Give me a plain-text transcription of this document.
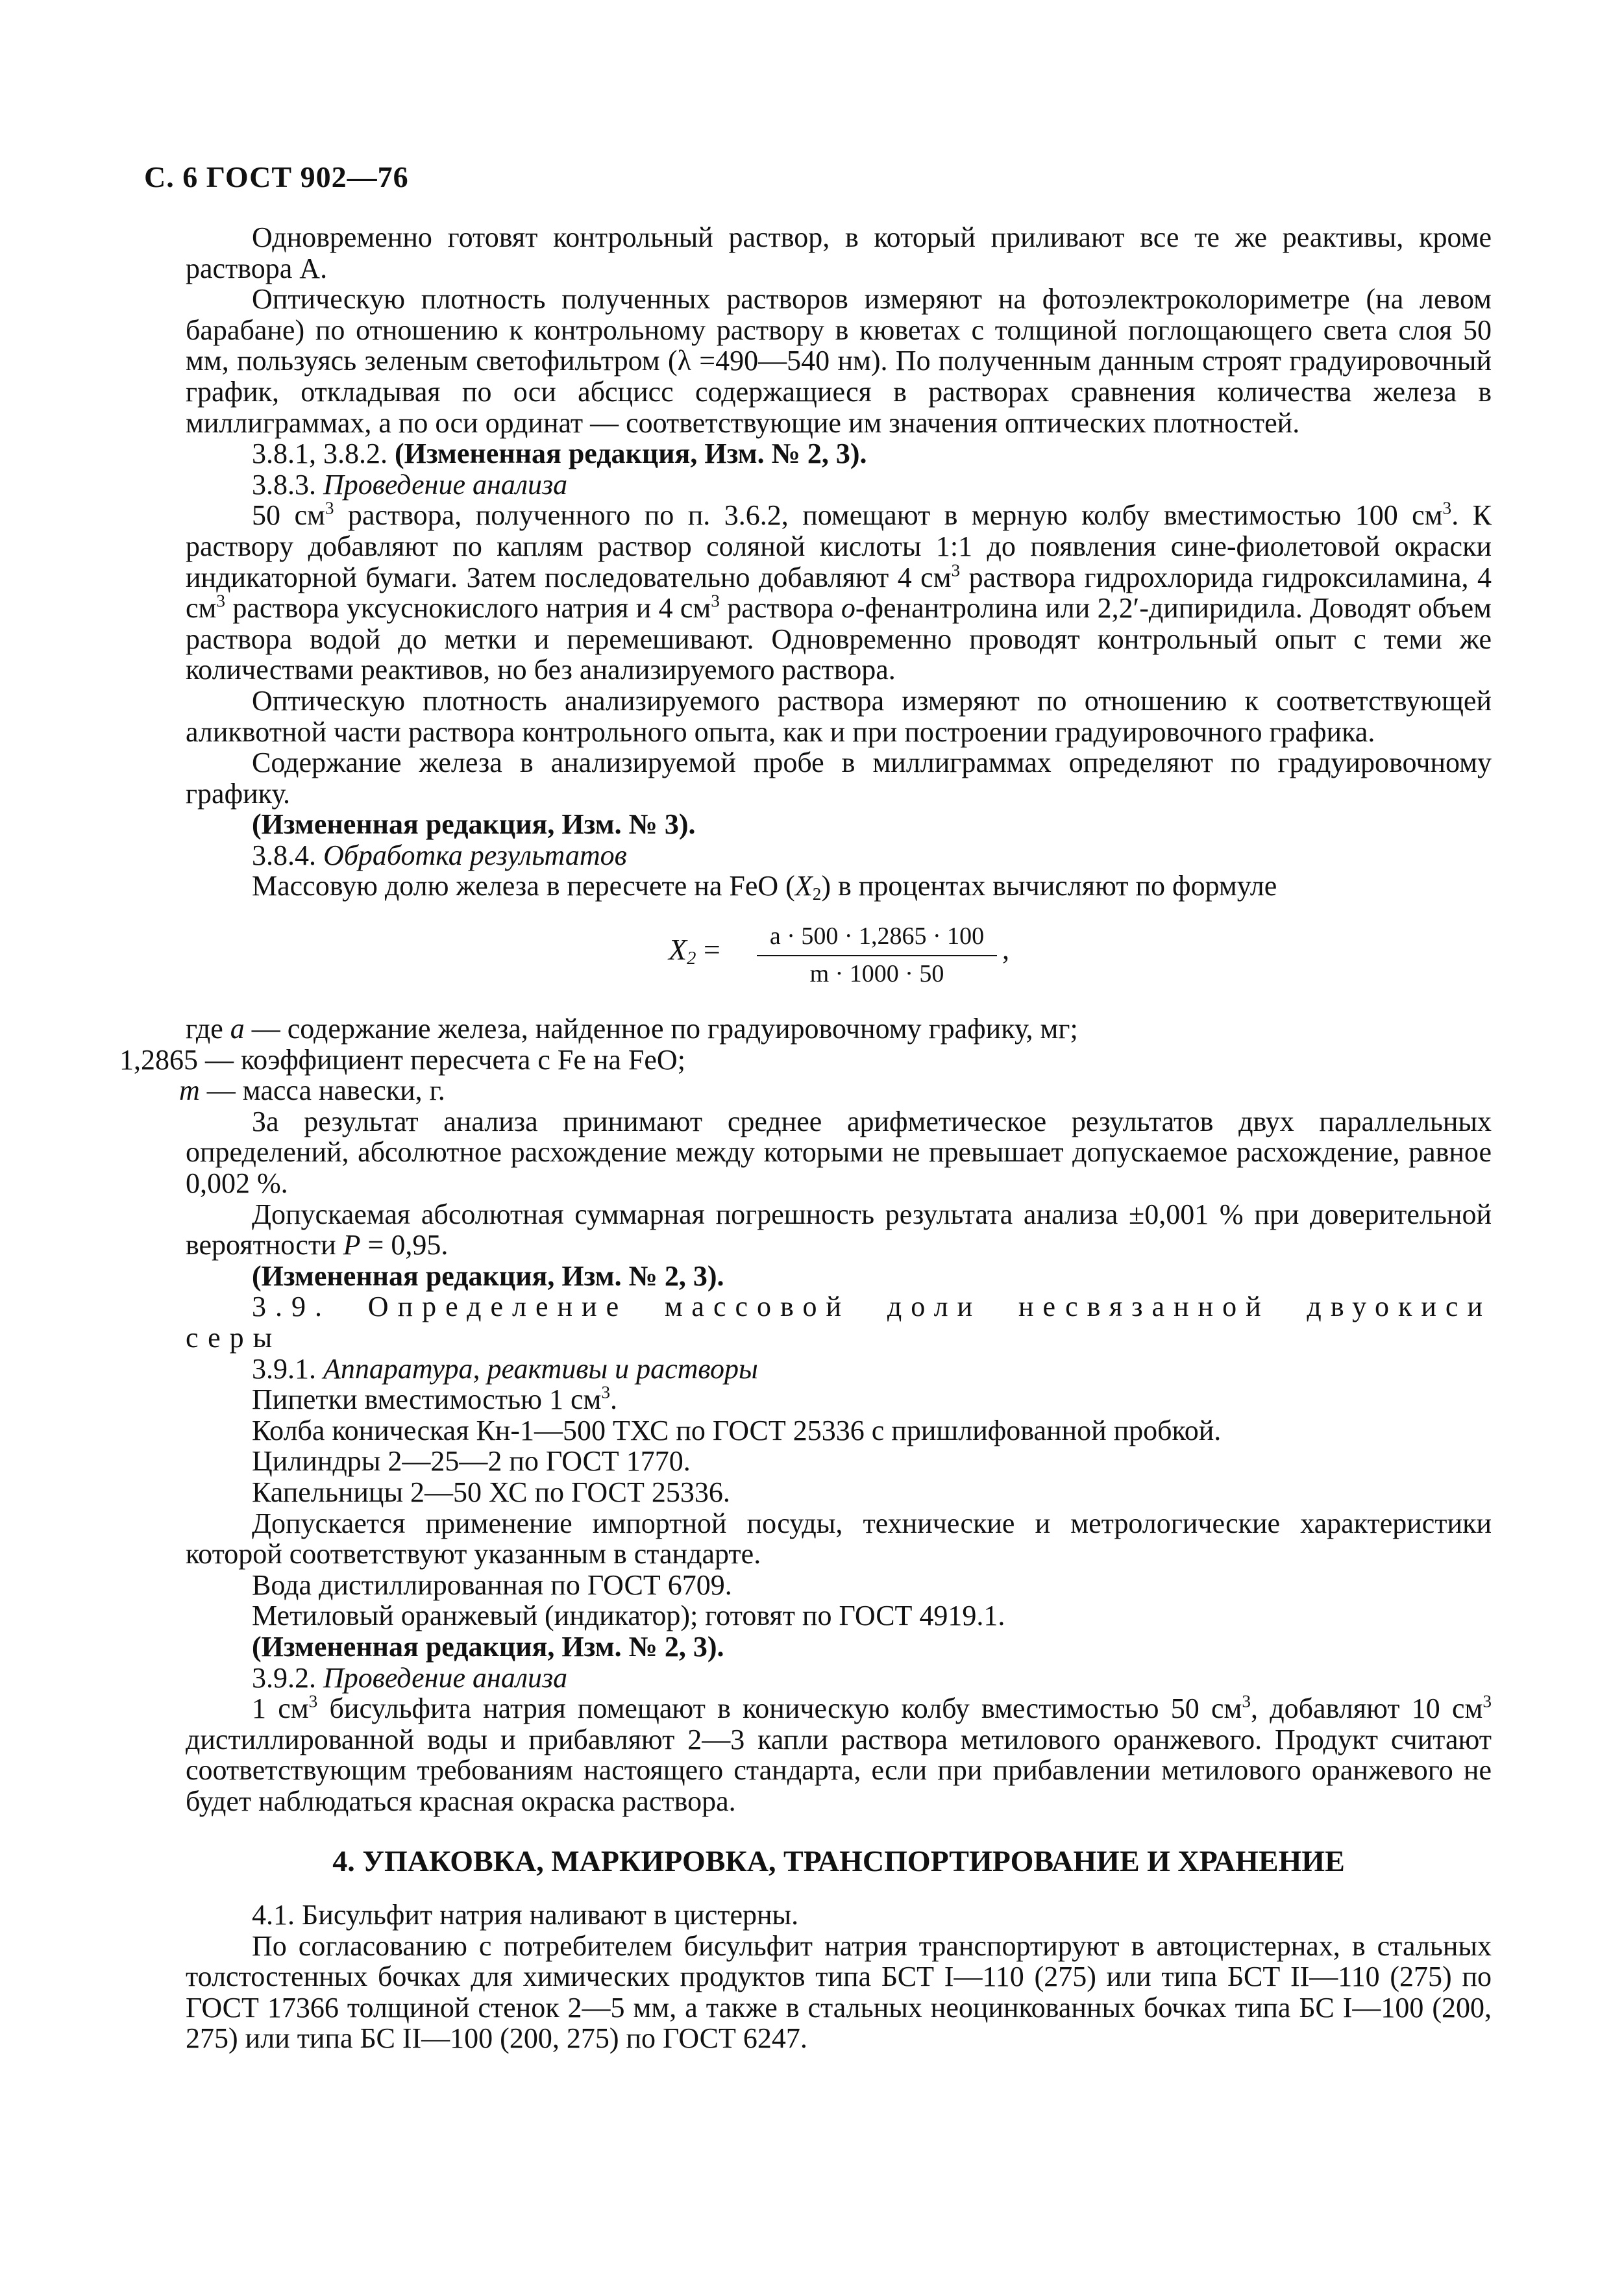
С. 6 ГОСТ 902—76

Одновременно готовят контрольный раствор, в который приливают все те же реактивы, кроме раствора А.

Оптическую плотность полученных растворов измеряют на фотоэлектроколориметре (на левом барабане) по отношению к контрольному раствору в кюветах с толщиной поглощающего света слоя 50 мм, пользуясь зеленым светофильтром (λ =490—540 нм). По полученным данным строят градуировочный график, откладывая по оси абсцисс содержащиеся в растворах сравнения количества железа в миллиграммах, а по оси ординат — соответствующие им значения оптических плотностей.

3.8.1, 3.8.2. (Измененная редакция, Изм. № 2, 3).

3.8.3. Проведение анализа

50 $см^3$ раствора, полученного по п. 3.6.2, помещают в мерную колбу вместимостью 100 $см^3$. К раствору добавляют по каплям раствор соляной кислоты 1:1 до появления сине-фиолетовой окраски индикаторной бумаги. Затем последовательно добавляют 4 $см^3$ раствора гидрохлорида гидроксиламина, 4 $см^3$ раствора уксуснокислого натрия и 4 $см^3$ раствора о-фенантролина или 2,2′-дипиридила. Доводят объем раствора водой до метки и перемешивают. Одновременно проводят контрольный опыт с теми же количествами реактивов, но без анализируемого раствора.

Оптическую плотность анализируемого раствора измеряют по отношению к соответствующей аликвотной части раствора контрольного опыта, как и при построении градуировочного графика.

Содержание железа в анализируемой пробе в миллиграммах определяют по градуировочному графику.

(Измененная редакция, Изм. № 3).

3.8.4. Обработка результатов

Массовую долю железа в пересчете на FeO $(X_2)$ в процентах вычисляют по формуле

$X_2 = \frac{a \cdot 500 \cdot 1,2865 \cdot 100}{m \cdot 1000 \cdot 50}$ ,

где a — содержание железа, найденное по градуировочному графику, мг;

1,2865 — коэффициент пересчета с Fe на FeO;

m — масса навески, г.

За результат анализа принимают среднее арифметическое результатов двух параллельных определений, абсолютное расхождение между которыми не превышает допускаемое расхождение, равное 0,002 %.

Допускаемая абсолютная суммарная погрешность результата анализа ±0,001 % при доверительной вероятности P = 0,95.

(Измененная редакция, Изм. № 2, 3).

3.9. Определение массовой доли несвязанной двуокиси серы

3.9.1. Аппаратура, реактивы и растворы

Пипетки вместимостью 1 $см^3$.

Колба коническая Кн-1—500 ТХС по ГОСТ 25336 с пришлифованной пробкой.

Цилиндры 2—25—2 по ГОСТ 1770.

Капельницы 2—50 ХС по ГОСТ 25336.

Допускается применение импортной посуды, технические и метрологические характеристики которой соответствуют указанным в стандарте.

Вода дистиллированная по ГОСТ 6709.

Метиловый оранжевый (индикатор); готовят по ГОСТ 4919.1.

(Измененная редакция, Изм. № 2, 3).

3.9.2. Проведение анализа

1 $см^3$ бисульфита натрия помещают в коническую колбу вместимостью 50 $см^3$, добавляют 10 $см^3$ дистиллированной воды и прибавляют 2—3 капли раствора метилового оранжевого. Продукт считают соответствующим требованиям настоящего стандарта, если при прибавлении метилового оранжевого не будет наблюдаться красная окраска раствора.

4. УПАКОВКА, МАРКИРОВКА, ТРАНСПОРТИРОВАНИЕ И ХРАНЕНИЕ

4.1. Бисульфит натрия наливают в цистерны.

По согласованию с потребителем бисульфит натрия транспортируют в автоцистернах, в стальных толстостенных бочках для химических продуктов типа БСТ I—110 (275) или типа БСТ II—110 (275) по ГОСТ 17366 толщиной стенок 2—5 мм, а также в стальных неоцинкованных бочках типа БС I—100 (200, 275) или типа БС II—100 (200, 275) по ГОСТ 6247.
